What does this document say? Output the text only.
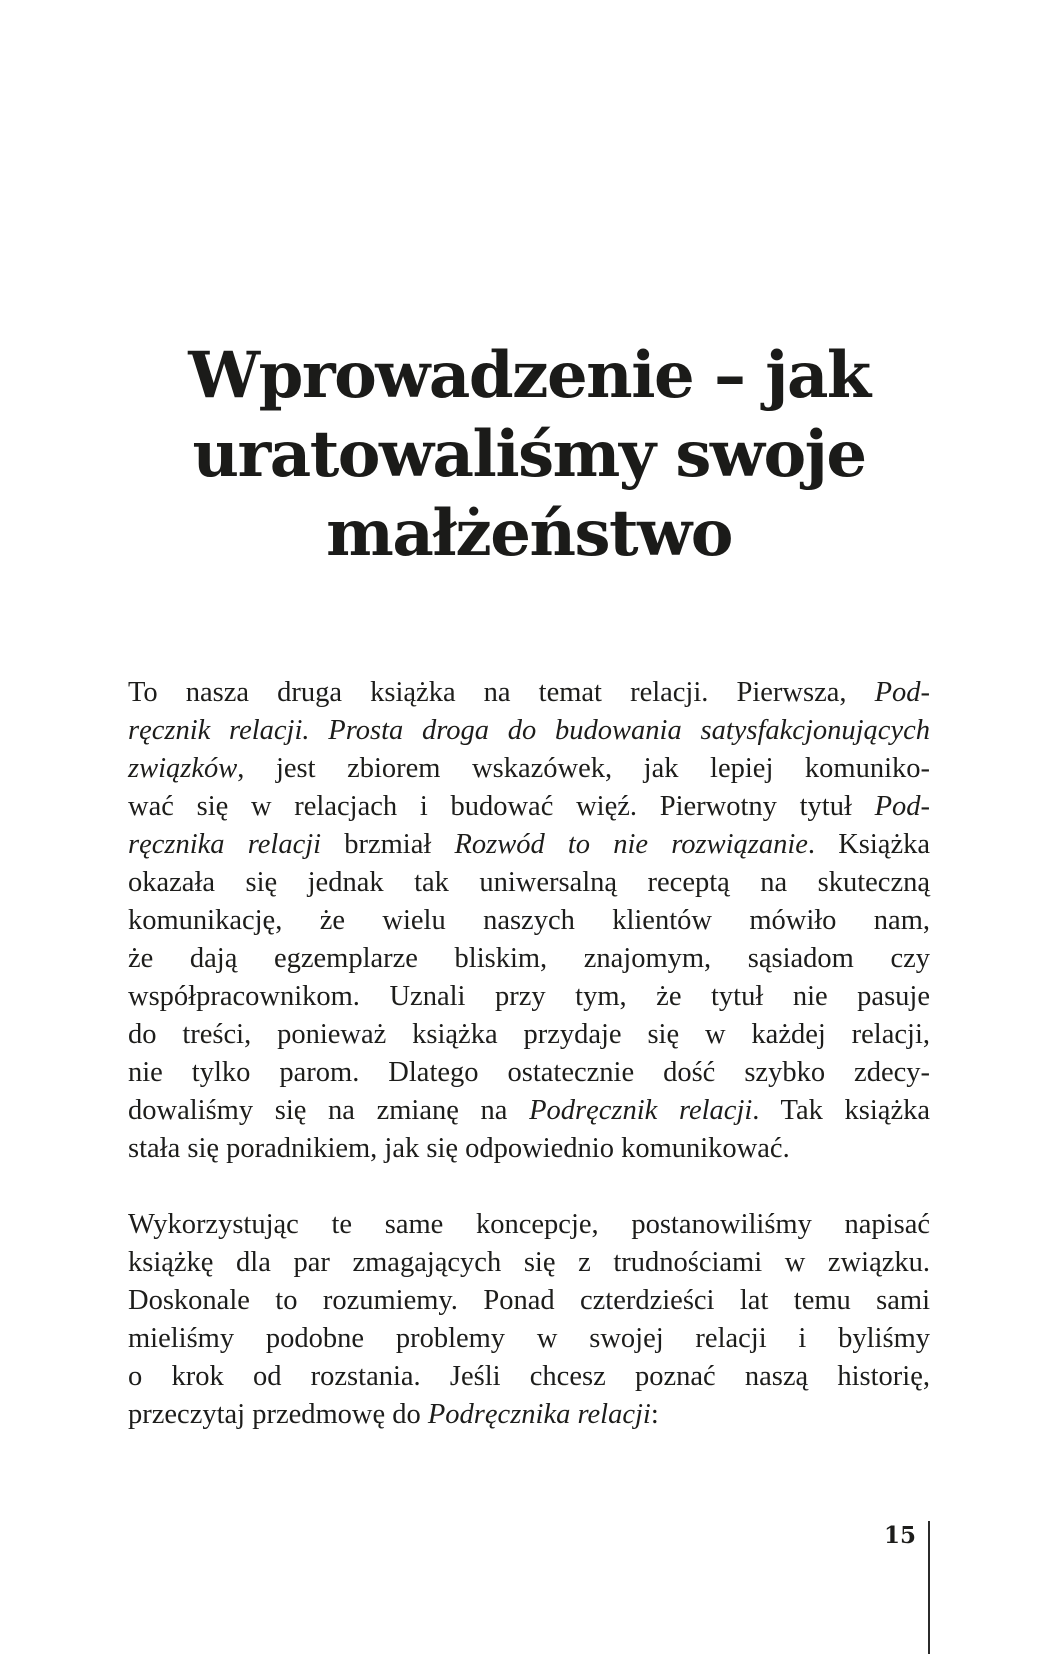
Wprowadzenie – jak
uratowaliśmy swoje
małżeństwo
To nasza druga książka na temat relacji. Pierwsza, Pod-
ręcznik relacji. Prosta droga do budowania satysfakcjonujących
związków, jest zbiorem wskazówek, jak lepiej komuniko-
wać się w relacjach i budować więź. Pierwotny tytuł Pod-
ręcznika relacji brzmiał Rozwód to nie rozwiązanie. Książka
okazała się jednak tak uniwersalną receptą na skuteczną
komunikację, że wielu naszych klientów mówiło nam,
że dają egzemplarze bliskim, znajomym, sąsiadom czy
współpracownikom. Uznali przy tym, że tytuł nie pasuje
do treści, ponieważ książka przydaje się w każdej relacji,
nie tylko parom. Dlatego ostatecznie dość szybko zdecy-
dowaliśmy się na zmianę na Podręcznik relacji. Tak książka
stała się poradnikiem, jak się odpowiednio komunikować.
Wykorzystując te same koncepcje, postanowiliśmy napisać
książkę dla par zmagających się z trudnościami w związku.
Doskonale to rozumiemy. Ponad czterdzieści lat temu sami
mieliśmy podobne problemy w swojej relacji i byliśmy
o krok od rozstania. Jeśli chcesz poznać naszą historię,
przeczytaj przedmowę do Podręcznika relacji:
15
